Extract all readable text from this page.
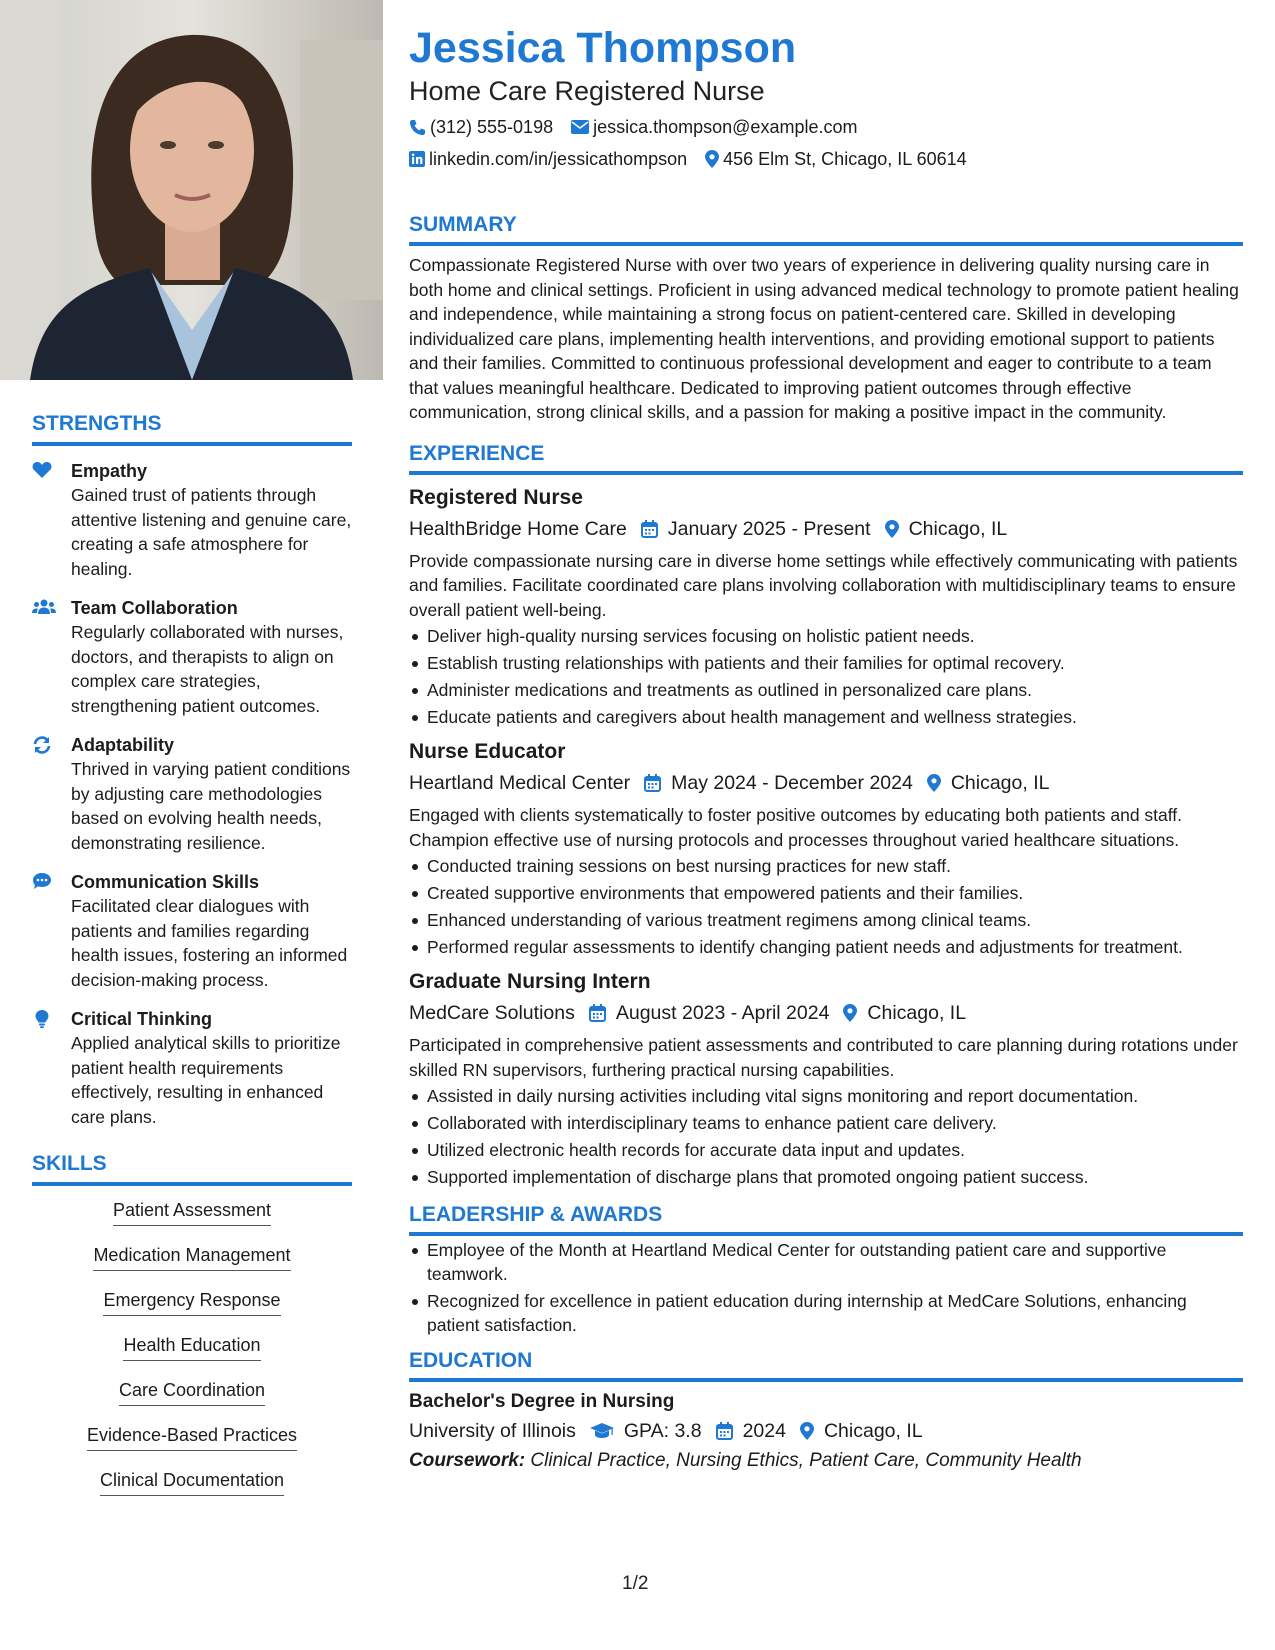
STRENGTHS
Empathy
Gained trust of patients through attentive listening and genuine care, creating a safe atmosphere for healing.
Team Collaboration
Regularly collaborated with nurses, doctors, and therapists to align on complex care strategies, strengthening patient outcomes.
Adaptability
Thrived in varying patient conditions by adjusting care methodologies based on evolving health needs, demonstrating resilience.
Communication Skills
Facilitated clear dialogues with patients and families regarding health issues, fostering an informed decision-making process.
Critical Thinking
Applied analytical skills to prioritize patient health requirements effectively, resulting in enhanced care plans.
SKILLS
Patient Assessment
Medication Management
Emergency Response
Health Education
Care Coordination
Evidence-Based Practices
Clinical Documentation
Jessica Thompson
Home Care Registered Nurse
(312) 555-0198 jessica.thompson@example.com
linkedin.com/in/jessicathompson 456 Elm St, Chicago, IL 60614
SUMMARY
Compassionate Registered Nurse with over two years of experience in delivering quality nursing care in both home and clinical settings. Proficient in using advanced medical technology to promote patient healing and independence, while maintaining a strong focus on patient-centered care. Skilled in developing individualized care plans, implementing health interventions, and providing emotional support to patients and their families. Committed to continuous professional development and eager to contribute to a team that values meaningful healthcare. Dedicated to improving patient outcomes through effective communication, strong clinical skills, and a passion for making a positive impact in the community.
EXPERIENCE
Registered Nurse
HealthBridge Home Care January 2025 - Present Chicago, IL
Provide compassionate nursing care in diverse home settings while effectively communicating with patients and families. Facilitate coordinated care plans involving collaboration with multidisciplinary teams to ensure overall patient well-being.
Deliver high-quality nursing services focusing on holistic patient needs.
Establish trusting relationships with patients and their families for optimal recovery.
Administer medications and treatments as outlined in personalized care plans.
Educate patients and caregivers about health management and wellness strategies.
Nurse Educator
Heartland Medical Center May 2024 - December 2024 Chicago, IL
Engaged with clients systematically to foster positive outcomes by educating both patients and staff. Champion effective use of nursing protocols and processes throughout varied healthcare situations.
Conducted training sessions on best nursing practices for new staff.
Created supportive environments that empowered patients and their families.
Enhanced understanding of various treatment regimens among clinical teams.
Performed regular assessments to identify changing patient needs and adjustments for treatment.
Graduate Nursing Intern
MedCare Solutions August 2023 - April 2024 Chicago, IL
Participated in comprehensive patient assessments and contributed to care planning during rotations under skilled RN supervisors, furthering practical nursing capabilities.
Assisted in daily nursing activities including vital signs monitoring and report documentation.
Collaborated with interdisciplinary teams to enhance patient care delivery.
Utilized electronic health records for accurate data input and updates.
Supported implementation of discharge plans that promoted ongoing patient success.
LEADERSHIP & AWARDS
Employee of the Month at Heartland Medical Center for outstanding patient care and supportive teamwork.
Recognized for excellence in patient education during internship at MedCare Solutions, enhancing patient satisfaction.
EDUCATION
Bachelor's Degree in Nursing
University of Illinois GPA: 3.8 2024 Chicago, IL
Coursework: Clinical Practice, Nursing Ethics, Patient Care, Community Health
1/2
